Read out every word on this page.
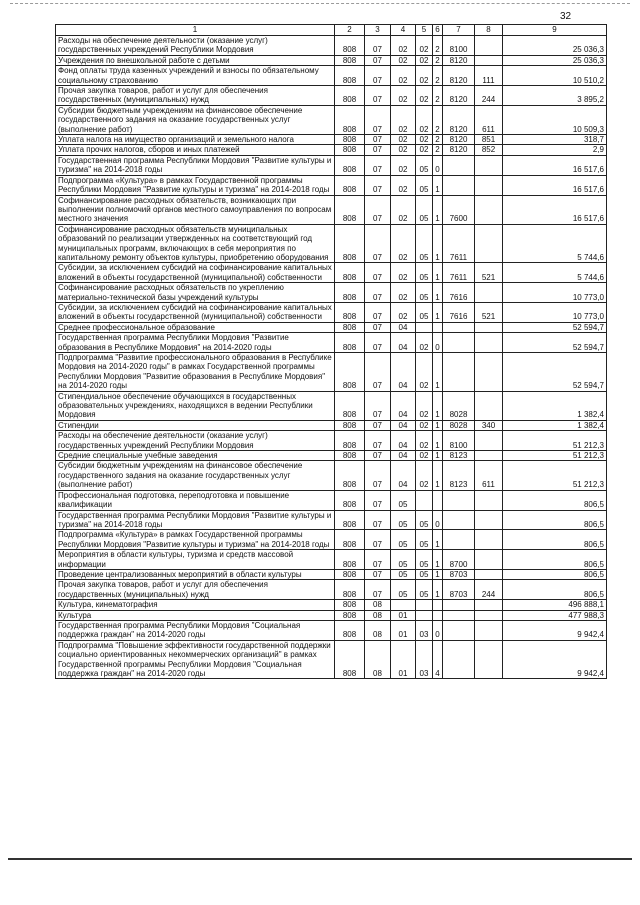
32
1	2	3	4	5	6	7	8	9
Расходы на обеспечение деятельности (оказание услуг) государственных учреждений Республики Мордовия	808	07	02	02	2	8100		25 036,3
Учреждения по внешкольной работе с детьми	808	07	02	02	2	8120		25 036,3
Фонд оплаты труда казенных учреждений и взносы по обязательному социальному страхованию	808	07	02	02	2	8120	111	10 510,2
Прочая закупка товаров, работ и услуг для обеспечения государственных (муниципальных) нужд	808	07	02	02	2	8120	244	3 895,2
Субсидии бюджетным учреждениям на финансовое обеспечение государственного задания на оказание государственных услуг (выполнение работ)	808	07	02	02	2	8120	611	10 509,3
Уплата налога на имущество организаций и земельного налога	808	07	02	02	2	8120	851	318,7
Уплата прочих налогов, сборов и иных платежей	808	07	02	02	2	8120	852	2,9
Государственная программа Республики Мордовия "Развитие культуры и туризма" на 2014-2018 годы	808	07	02	05	0			16 517,6
Подпрограмма «Культура» в рамках Государственной программы Республики Мордовия "Развитие культуры и туризма" на 2014-2018 годы	808	07	02	05	1			16 517,6
Софинансирование расходных обязательств, возникающих при выполнении полномочий органов местного самоуправления по вопросам местного значения	808	07	02	05	1	7600		16 517,6
Софинансирование расходных обязательств муниципальных образований по реализации утвержденных на соответствующий год муниципальных программ, включающих в себя мероприятия по капитальному ремонту объектов культуры, приобретению оборудования	808	07	02	05	1	7611		5 744,6
Субсидии, за исключением субсидий на софинансирование капитальных вложений в объекты государственной (муниципальной) собственности	808	07	02	05	1	7611	521	5 744,6
Софинансирование расходных обязательств по укреплению материально-технической базы учреждений культуры	808	07	02	05	1	7616		10 773,0
Субсидии, за исключением субсидий на софинансирование капитальных вложений в объекты государственной (муниципальной) собственности	808	07	02	05	1	7616	521	10 773,0
Среднее профессиональное образование	808	07	04					52 594,7
Государственная программа Республики Мордовия "Развитие образования в Республике Мордовия" на 2014-2020 годы	808	07	04	02	0			52 594,7
Подпрограмма "Развитие профессионального образования в Республике Мордовия на 2014-2020 годы" в рамках Государственной программы Республики Мордовия "Развитие образования в Республике Мордовия" на 2014-2020 годы	808	07	04	02	1			52 594,7
Стипендиальное обеспечение обучающихся в государственных образовательных учреждениях, находящихся в ведении Республики Мордовия	808	07	04	02	1	8028		1 382,4
Стипендии	808	07	04	02	1	8028	340	1 382,4
Расходы на обеспечение деятельности (оказание услуг) государственных учреждений Республики Мордовия	808	07	04	02	1	8100		51 212,3
Средние специальные учебные заведения	808	07	04	02	1	8123		51 212,3
Субсидии бюджетным учреждениям на финансовое обеспечение государственного задания на оказание государственных услуг (выполнение работ)	808	07	04	02	1	8123	611	51 212,3
Профессиональная подготовка, переподготовка и повышение квалификации	808	07	05					806,5
Государственная программа Республики Мордовия "Развитие культуры и туризма" на 2014-2018 годы	808	07	05	05	0			806,5
Подпрограмма «Культура» в рамках Государственной программы Республики Мордовия "Развитие культуры и туризма" на 2014-2018 годы	808	07	05	05	1			806,5
Мероприятия в области культуры, туризма и средств массовой информации	808	07	05	05	1	8700		806,5
Проведение централизованных мероприятий в области культуры	808	07	05	05	1	8703		806,5
Прочая закупка товаров, работ и услуг для обеспечения государственных (муниципальных) нужд	808	07	05	05	1	8703	244	806,5
Культура, кинематография	808	08						496 888,1
Культура	808	08	01					477 988,3
Государственная программа Республики Мордовия "Социальная поддержка граждан" на 2014-2020 годы	808	08	01	03	0			9 942,4
Подпрограмма "Повышение эффективности государственной поддержки социально ориентированных некоммерческих организаций" в рамках Государственной программы Республики Мордовия "Социальная поддержка граждан" на 2014-2020 годы	808	08	01	03	4			9 942,4
